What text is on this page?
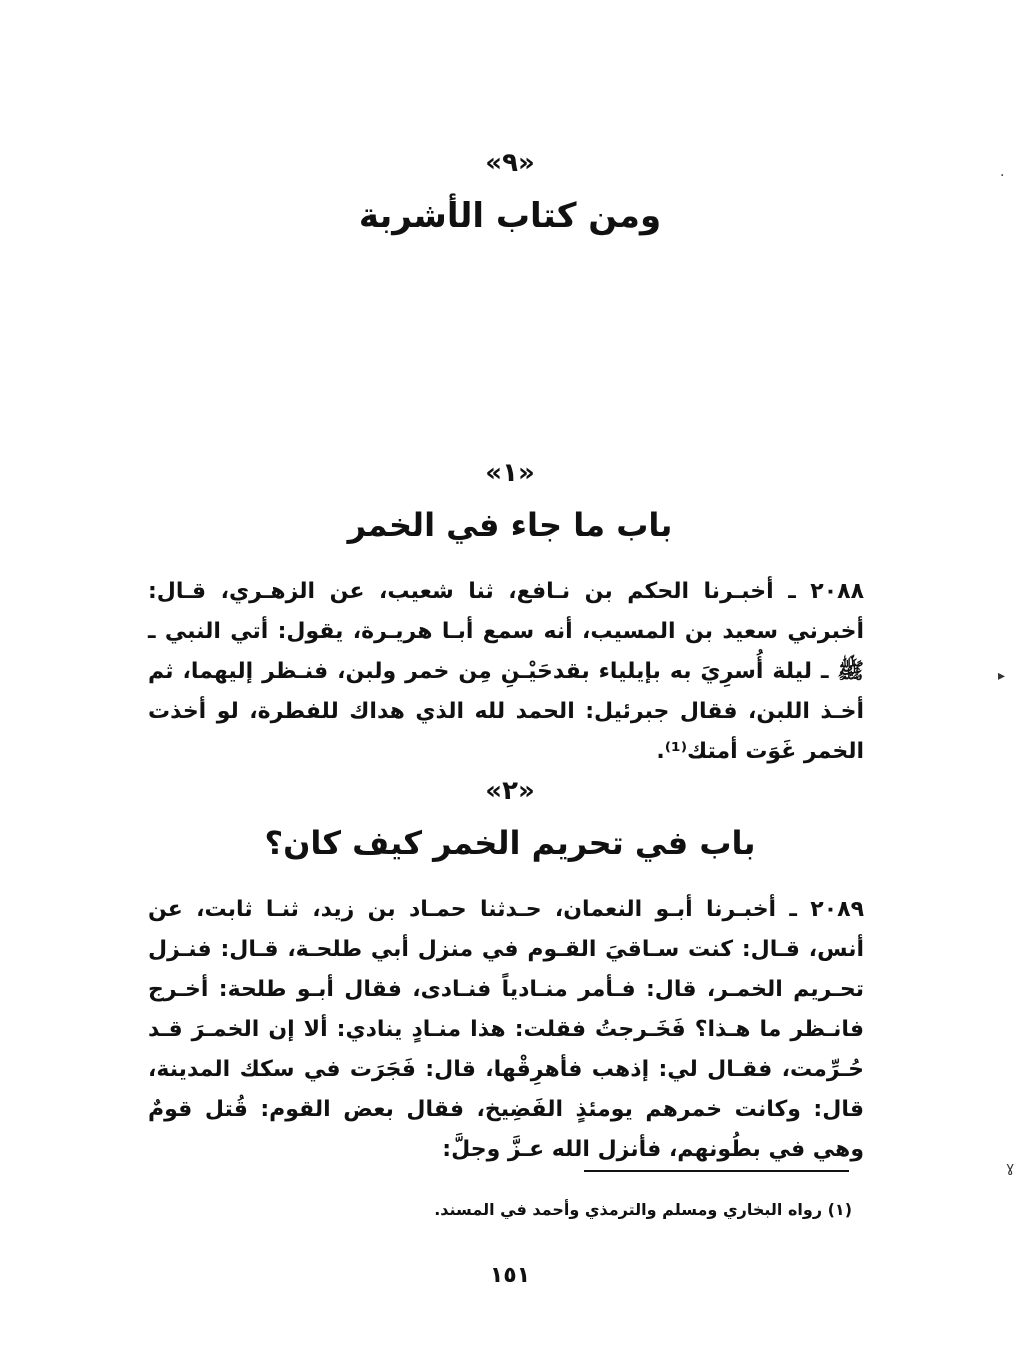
«٩»
ومن كتاب الأشربة
«١»
باب ما جاء في الخمر
٢٠٨٨ ـ أخبـرنا الحكم بن نـافع، ثنا شعيب، عن الزهـري، قـال: أخبرني سعيد بن المسيب، أنه سمع أبـا هريـرة، يقول: أتي النبي ـ ﷺ ـ ليلة أُسرِيَ به بإيلياء بقدحَيْـنِ مِن خمر ولبن، فنـظر إليهما، ثم أخـذ اللبن، فقال جبرئيل: الحمد لله الذي هداك للفطرة، لو أخذت الخمر غَوَت أمتك⁽¹⁾.
«٢»
باب في تحريم الخمر كيف كان؟
٢٠٨٩ ـ أخبـرنا أبـو النعمان، حـدثنا حمـاد بن زيد، ثنـا ثابت، عن أنس، قـال: كنت سـاقيَ القـوم في منزل أبي طلحـة، قـال: فنـزل تحـريم الخمـر، قال: فـأمر منـادياً فنـادى، فقال أبـو طلحة: أخـرج فانـظر ما هـذا؟ فَخَـرجتُ فقلت: هذا منـادٍ ينادي: ألا إن الخمـرَ قـد حُـرِّمت، فقـال لي: إذهب فأهرِقْها، قال: فَجَرَت في سكك المدينة، قال: وكانت خمرهم يومئذٍ الفَضِيخ، فقال بعض القوم: قُتل قومٌ وهي في بطُونهم، فأنزل الله عـزَّ وجلَّ:
(١) رواه البخاري ومسلم والترمذي وأحمد في المسند.
١٥١
·
▸
ɣ
